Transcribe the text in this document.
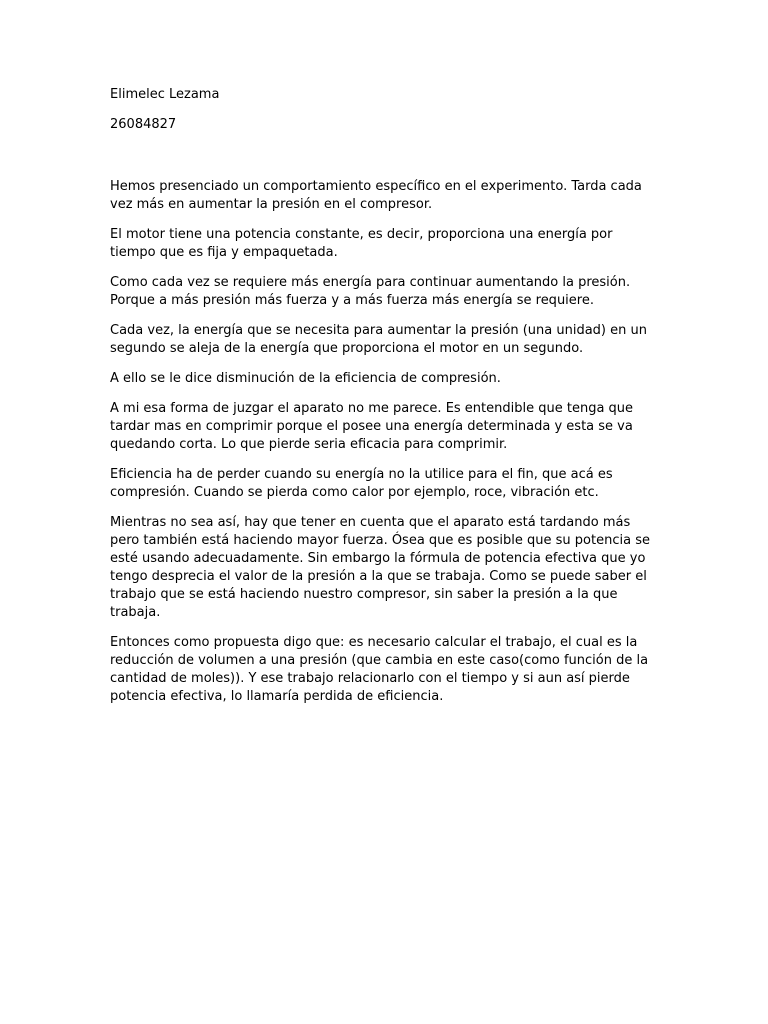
Elimelec Lezama

26084827

Hemos presenciado un comportamiento específico en el experimento. Tarda cada vez más en aumentar la presión en el compresor.

El motor tiene una potencia constante, es decir, proporciona una energía por tiempo que es fija y empaquetada.

Como cada vez se requiere más energía para continuar aumentando la presión. Porque a más presión más fuerza y a más fuerza más energía se requiere.

Cada vez, la energía que se necesita para aumentar la presión (una unidad) en un segundo se aleja de la energía que proporciona el motor en un segundo.

A ello se le dice disminución de la eficiencia de compresión.

A mi esa forma de juzgar el aparato no me parece. Es entendible que tenga que tardar mas en comprimir porque el posee una energía determinada y esta se va quedando corta. Lo que pierde seria eficacia para comprimir.

Eficiencia ha de perder cuando su energía no la utilice para el fin, que acá es compresión. Cuando se pierda como calor por ejemplo, roce, vibración etc.

Mientras no sea así, hay que tener en cuenta que el aparato está tardando más pero también está haciendo mayor fuerza. Ósea que es posible que su potencia se esté usando adecuadamente. Sin embargo la fórmula de potencia efectiva que yo tengo desprecia el valor de la presión a la que se trabaja. Como se puede saber el trabajo que se está haciendo nuestro compresor, sin saber la presión a la que trabaja.

Entonces como propuesta digo que: es necesario calcular el trabajo, el cual es la reducción de volumen a una presión (que cambia en este caso(como función de la cantidad de moles)). Y ese trabajo relacionarlo con el tiempo y si aun así pierde potencia efectiva, lo llamaría perdida de eficiencia.
